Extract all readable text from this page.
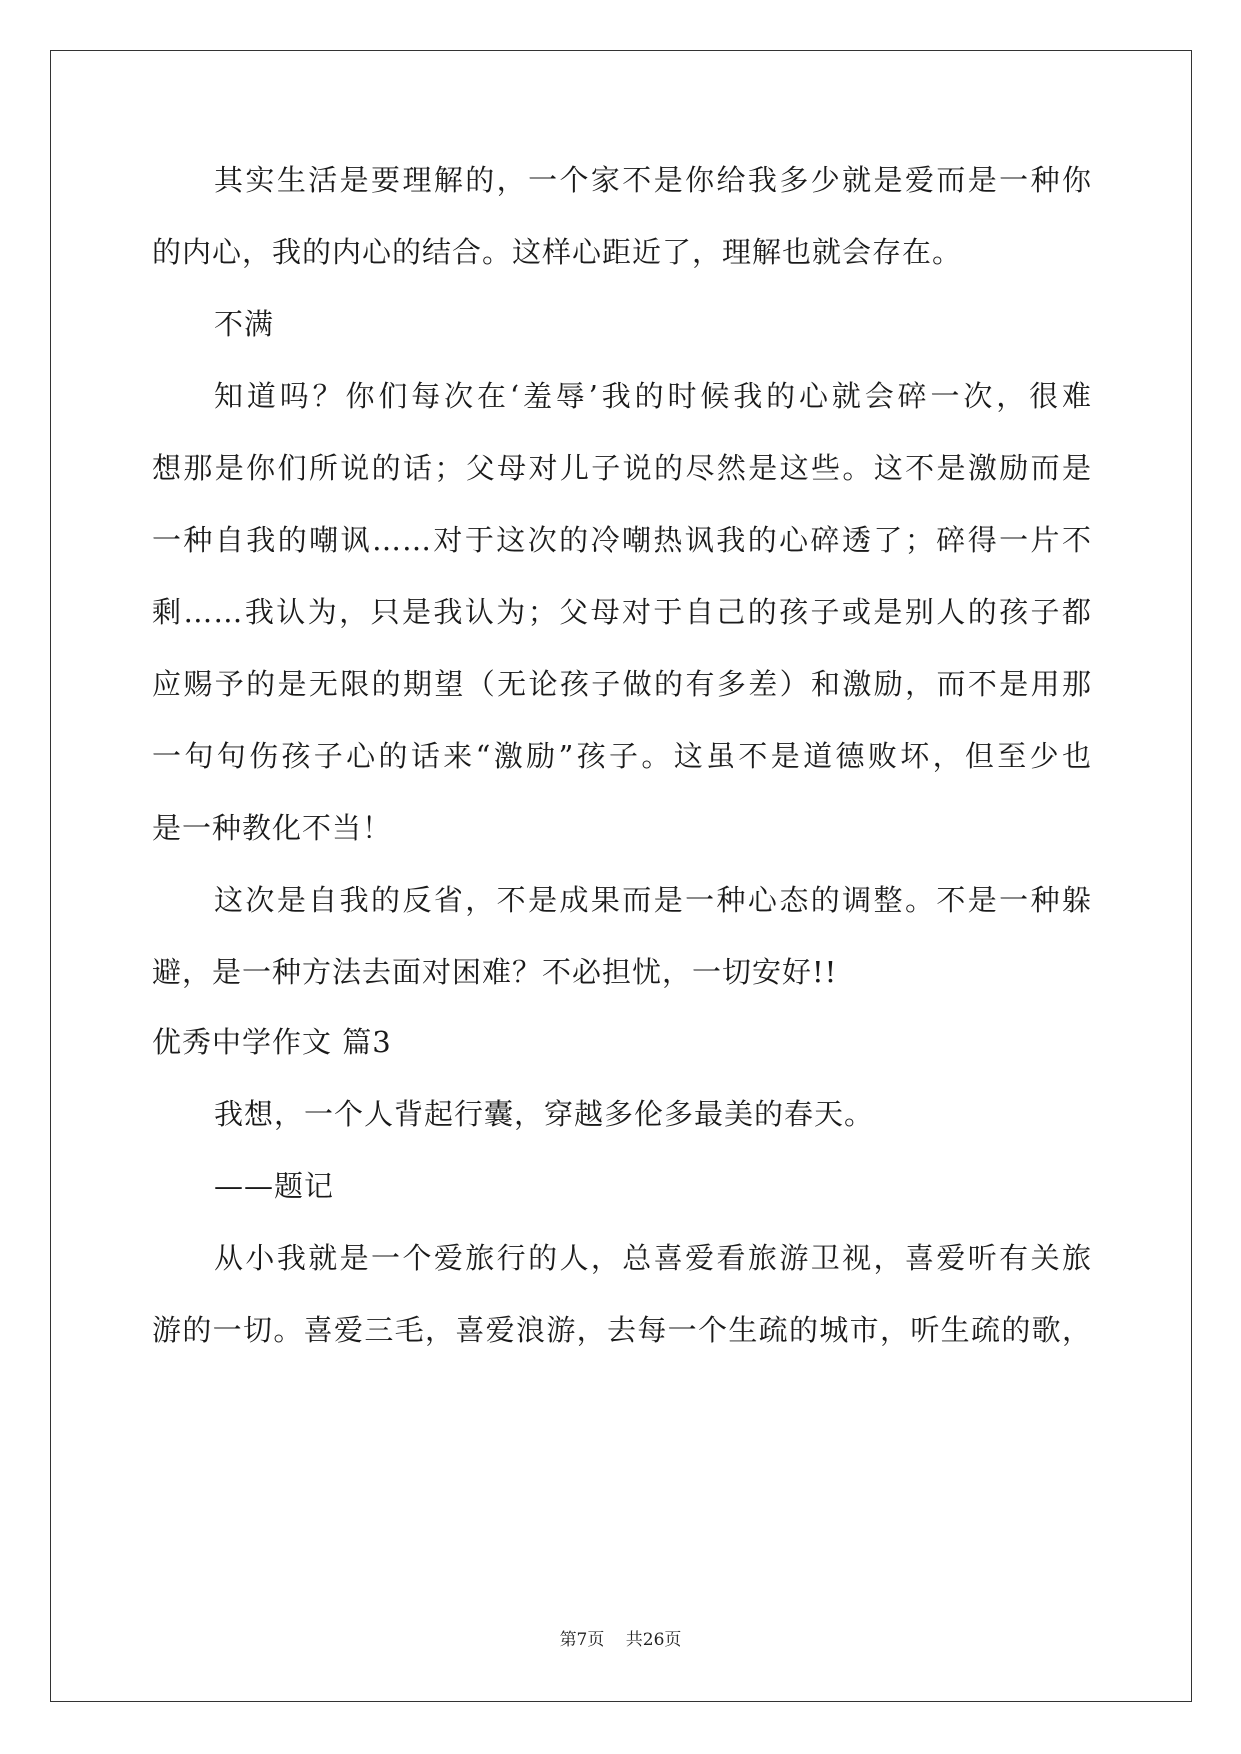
其实生活是要理解的，一个家不是你给我多少就是爱而是一种你
的内心，我的内心的结合。这样心距近了，理解也就会存在。
不满
知道吗？你们每次在‘羞辱’我的时候我的心就会碎一次，很难
想那是你们所说的话；父母对儿子说的尽然是这些。这不是激励而是
一种自我的嘲讽……对于这次的冷嘲热讽我的心碎透了；碎得一片不
剩……我认为，只是我认为；父母对于自己的孩子或是别人的孩子都
应赐予的是无限的期望（无论孩子做的有多差）和激励，而不是用那
一句句伤孩子心的话来“激励”孩子。这虽不是道德败坏，但至少也
是一种教化不当！
这次是自我的反省，不是成果而是一种心态的调整。不是一种躲
避，是一种方法去面对困难？不必担忧，一切安好!!
优秀中学作文 篇3
我想，一个人背起行囊，穿越多伦多最美的春天。
——题记
从小我就是一个爱旅行的人，总喜爱看旅游卫视，喜爱听有关旅
游的一切。喜爱三毛，喜爱浪游，去每一个生疏的城市，听生疏的歌，
第7页 共26页
